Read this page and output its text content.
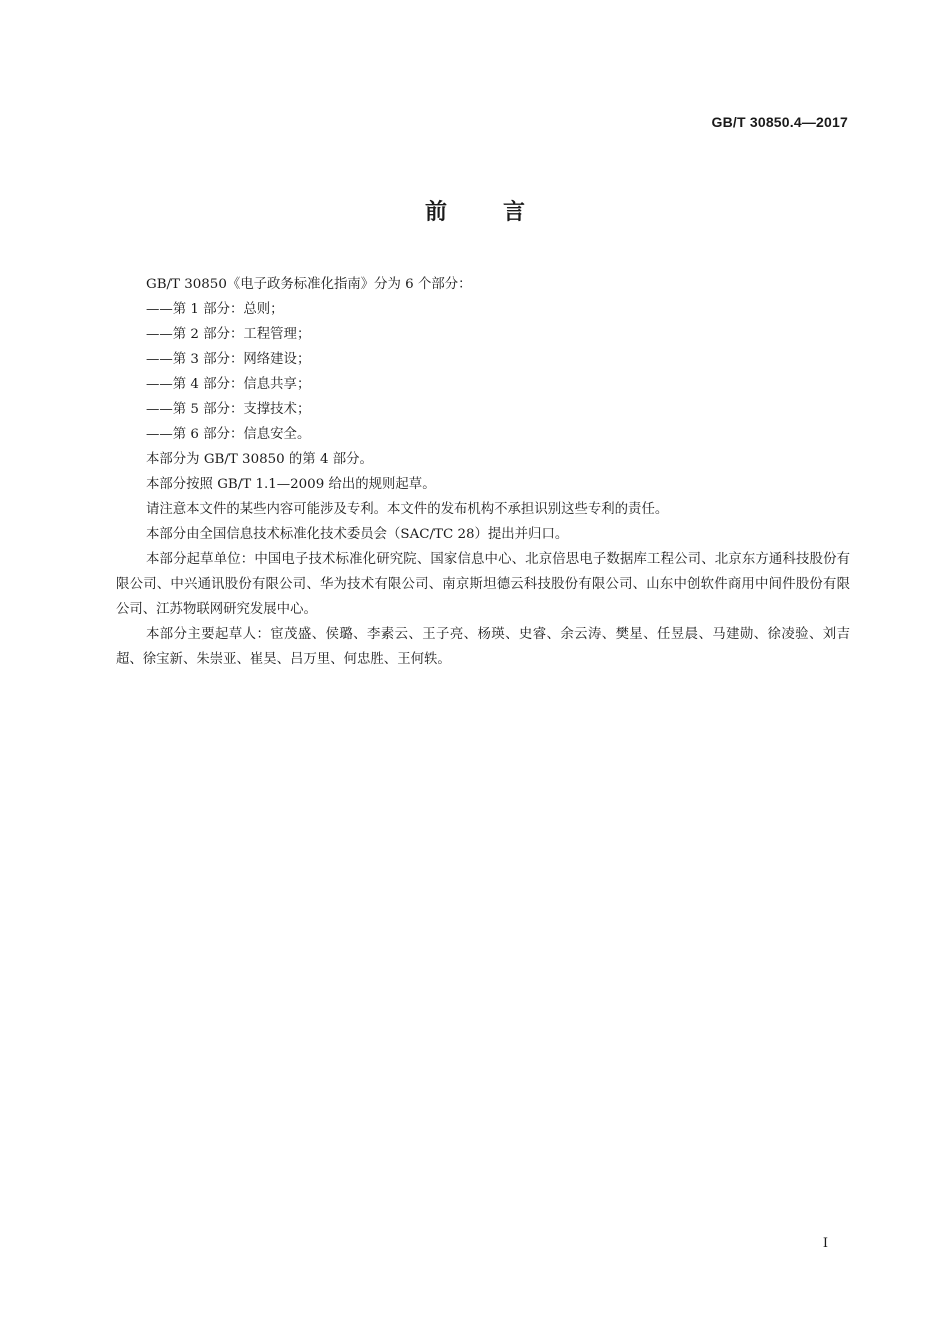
GB/T 30850.4—2017
前言

GB/T 30850《电子政务标准化指南》分为 6 个部分：

——第 1 部分：总则；

——第 2 部分：工程管理；

——第 3 部分：网络建设；

——第 4 部分：信息共享；

——第 5 部分：支撑技术；

——第 6 部分：信息安全。

本部分为 GB/T 30850 的第 4 部分。

本部分按照 GB/T 1.1—2009 给出的规则起草。

请注意本文件的某些内容可能涉及专利。本文件的发布机构不承担识别这些专利的责任。

本部分由全国信息技术标准化技术委员会（SAC/TC 28）提出并归口。

本部分起草单位：中国电子技术标准化研究院、国家信息中心、北京倍思电子数据库工程公司、北京东方通科技股份有限公司、中兴通讯股份有限公司、华为技术有限公司、南京斯坦德云科技股份有限公司、山东中创软件商用中间件股份有限公司、江苏物联网研究发展中心。

本部分主要起草人：宦茂盛、侯璐、李素云、王子亮、杨瑛、史睿、余云涛、樊星、任昱晨、马建勋、徐凌验、刘吉超、徐宝新、朱崇亚、崔昊、吕万里、何忠胜、王何轶。

I
